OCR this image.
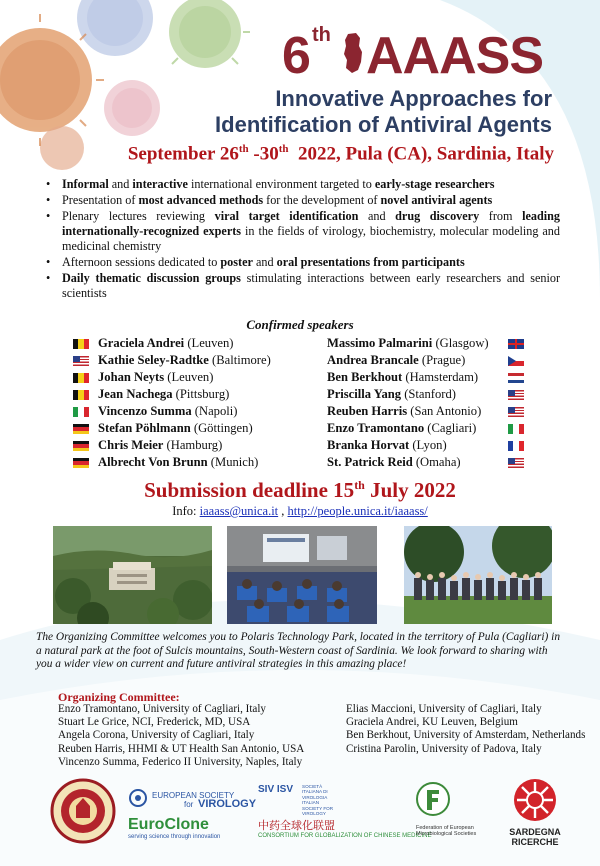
6 th AAASS
Innovative Approaches for
Identification of Antiviral Agents
September 26th -30th  2022, Pula (CA), Sardinia, Italy
• Informal and interactive international environment targeted to early-stage researchers
• Presentation of most advanced methods for the development of novel antiviral agents
• Plenary lectures reviewing viral target identification and drug discovery from leading internationally-recognized experts in the fields of virology, biochemistry, molecular modeling and medicinal chemistry
• Afternoon sessions dedicated to poster and oral presentations from participants
• Daily thematic discussion groups stimulating interactions between early researchers and senior scientists
Confirmed speakers
Graciela Andrei (Leuven)
Kathie Seley-Radtke (Baltimore)
Johan Neyts (Leuven)
Jean Nachega (Pittsburg)
Vincenzo Summa (Napoli)
Stefan Pöhlmann (Göttingen)
Chris Meier (Hamburg)
Albrecht Von Brunn (Munich)
Massimo Palmarini (Glasgow)
Andrea Brancale (Prague)
Ben Berkhout (Hamsterdam)
Priscilla Yang (Stanford)
Reuben Harris (San Antonio)
Enzo Tramontano (Cagliari)
Branka Horvat (Lyon)
St. Patrick Reid (Omaha)
Submission deadline 15th July 2022
Info: iaaass@unica.it , http://people.unica.it/iaaass/
The Organizing Committee welcomes you to Polaris Technology Park, located in the territory of Pula (Cagliari) in a natural park at the foot of Sulcis mountains, South-Western coast of Sardinia. We look forward to sharing with you a wider view on current and future antiviral strategies in this amazing place!
Organizing Committee:
Enzo Tramontano, University of Cagliari, Italy
Stuart Le Grice, NCI, Frederick, MD, USA
Angela Corona, University of Cagliari, Italy
Reuben Harris, HHMI & UT Health San Antonio, USA
Vincenzo Summa, Federico II University, Naples, Italy
Elias Maccioni, University of Cagliari, Italy
Graciela Andrei, KU Leuven, Belgium
Ben Berkhout, University of Amsterdam, Netherlands
Cristina Parolin, University of Padova, Italy
EUROPEAN SOCIETY
for VIROLOGY
EuroClone
serving science through innovation
SIV ISV	SOCIETÀ ITALIANA DI VIROLOGIA ITALIAN SOCIETY FOR VIROLOGY
中药全球化联盟
CONSORTIUM FOR GLOBALIZATION OF CHINESE MEDICINE
Federation of European Microbiological Societies	SARDEGNA
RICERCHE
